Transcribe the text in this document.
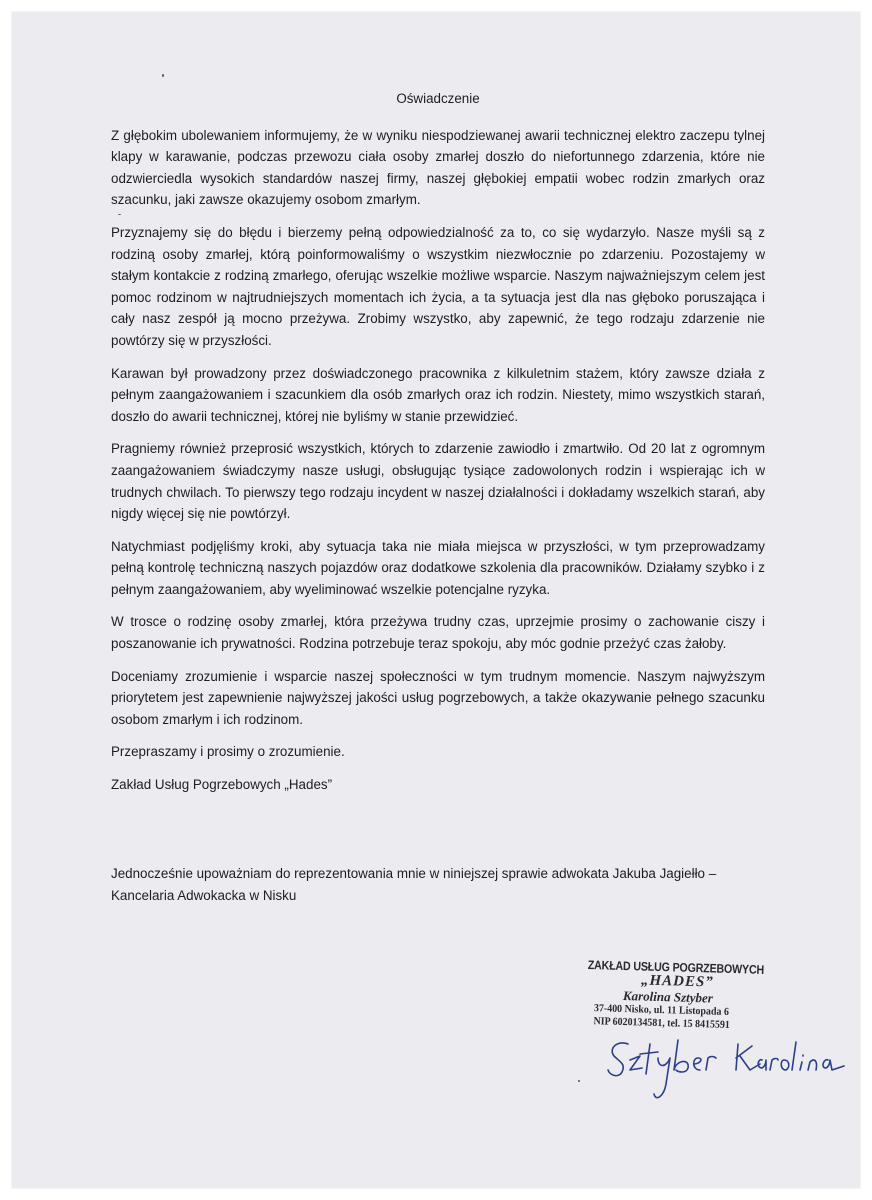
Oświadczenie

Z głębokim ubolewaniem informujemy, że w wyniku niespodziewanej awarii technicznej elektro zaczepu tylnej klapy w karawanie, podczas przewozu ciała osoby zmarłej doszło do niefortunnego zdarzenia, które nie odzwierciedla wysokich standardów naszej firmy, naszej głębokiej empatii wobec rodzin zmarłych oraz szacunku, jaki zawsze okazujemy osobom zmarłym.

Przyznajemy się do błędu i bierzemy pełną odpowiedzialność za to, co się wydarzyło. Nasze myśli są z rodziną osoby zmarłej, którą poinformowaliśmy o wszystkim niezwłocznie po zdarzeniu. Pozostajemy w stałym kontakcie z rodziną zmarłego, oferując wszelkie możliwe wsparcie. Naszym najważniejszym celem jest pomoc rodzinom w najtrudniejszych momentach ich życia, a ta sytuacja jest dla nas głęboko poruszająca i cały nasz zespół ją mocno przeżywa. Zrobimy wszystko, aby zapewnić, że tego rodzaju zdarzenie nie powtórzy się w przyszłości.

Karawan był prowadzony przez doświadczonego pracownika z kilkuletnim stażem, który zawsze działa z pełnym zaangażowaniem i szacunkiem dla osób zmarłych oraz ich rodzin. Niestety, mimo wszystkich starań, doszło do awarii technicznej, której nie byliśmy w stanie przewidzieć.

Pragniemy również przeprosić wszystkich, których to zdarzenie zawiodło i zmartwiło. Od 20 lat z ogromnym zaangażowaniem świadczymy nasze usługi, obsługując tysiące zadowolonych rodzin i wspierając ich w trudnych chwilach. To pierwszy tego rodzaju incydent w naszej działalności i dokładamy wszelkich starań, aby nigdy więcej się nie powtórzył.

Natychmiast podjęliśmy kroki, aby sytuacja taka nie miała miejsca w przyszłości, w tym przeprowadzamy pełną kontrolę techniczną naszych pojazdów oraz dodatkowe szkolenia dla pracowników. Działamy szybko i z pełnym zaangażowaniem, aby wyeliminować wszelkie potencjalne ryzyka.

W trosce o rodzinę osoby zmarłej, która przeżywa trudny czas, uprzejmie prosimy o zachowanie ciszy i poszanowanie ich prywatności. Rodzina potrzebuje teraz spokoju, aby móc godnie przeżyć czas żałoby.

Doceniamy zrozumienie i wsparcie naszej społeczności w tym trudnym momencie. Naszym najwyższym priorytetem jest zapewnienie najwyższej jakości usług pogrzebowych, a także okazywanie pełnego szacunku osobom zmarłym i ich rodzinom.

Przepraszamy i prosimy o zrozumienie.

Zakład Usług Pogrzebowych „Hades”

Jednocześnie upoważniam do reprezentowania mnie w niniejszej sprawie adwokata Jakuba Jagiełło – Kancelaria Adwokacka w Nisku
ZAKŁAD USŁUG POGRZEBOWYCH
„HADES”
Karolina Sztyber
37-400 Nisko, ul. 11 Listopada 6
NIP 6020134581, tel. 15 8415591
